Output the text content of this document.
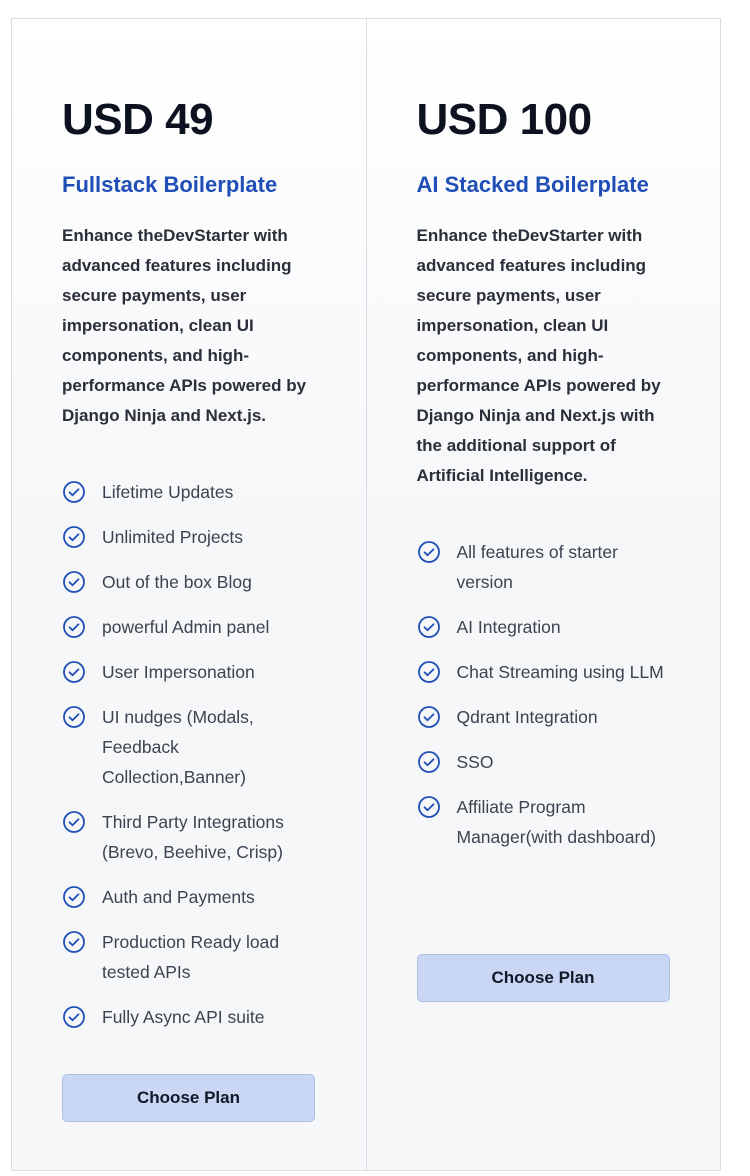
USD 49
Fullstack Boilerplate

Enhance theDevStarter with advanced features including secure payments, user impersonation, clean UI components, and high-performance APIs powered by Django Ninja and Next.js.

Lifetime Updates
Unlimited Projects
Out of the box Blog
powerful Admin panel
User Impersonation
UI nudges (Modals, Feedback Collection,Banner)
Third Party Integrations (Brevo, Beehive, Crisp)
Auth and Payments
Production Ready load tested APIs
Fully Async API suite
Choose Plan
USD 100
AI Stacked Boilerplate

Enhance theDevStarter with advanced features including secure payments, user impersonation, clean UI components, and high-performance APIs powered by Django Ninja and Next.js with the additional support of Artificial Intelligence.

All features of starter version
AI Integration
Chat Streaming using LLM
Qdrant Integration
SSO
Affiliate Program Manager(with dashboard)
Choose Plan
